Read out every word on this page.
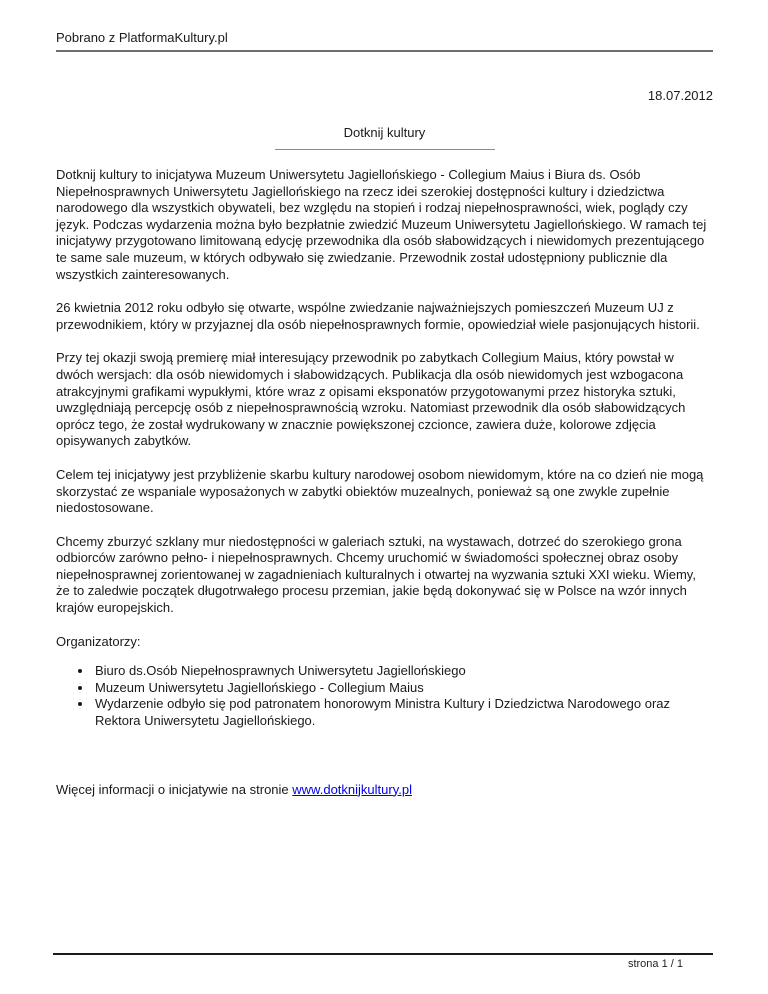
Pobrano z PlatformaKultury.pl
18.07.2012
Dotknij kultury

Dotknij kultury to inicjatywa Muzeum Uniwersytetu Jagiellońskiego - Collegium Maius i Biura ds. Osób Niepełnosprawnych Uniwersytetu Jagiellońskiego na rzecz idei szerokiej dostępności kultury i dziedzictwa narodowego dla wszystkich obywateli, bez względu na stopień i rodzaj niepełnosprawności, wiek, poglądy czy język. Podczas wydarzenia można było bezpłatnie zwiedzić Muzeum Uniwersytetu Jagiellońskiego. W ramach tej inicjatywy przygotowano limitowaną edycję przewodnika dla osób słabowidzących i niewidomych prezentującego te same sale muzeum, w których odbywało się zwiedzanie. Przewodnik został udostępniony publicznie dla wszystkich zainteresowanych.

26 kwietnia 2012 roku odbyło się otwarte, wspólne zwiedzanie najważniejszych pomieszczeń Muzeum UJ z przewodnikiem, który w przyjaznej dla osób niepełnosprawnych formie, opowiedział wiele pasjonujących historii.

Przy tej okazji swoją premierę miał interesujący przewodnik po zabytkach Collegium Maius, który powstał w dwóch wersjach: dla osób niewidomych i słabowidzących. Publikacja dla osób niewidomych jest wzbogacona atrakcyjnymi grafikami wypukłymi, które wraz z opisami eksponatów przygotowanymi przez historyka sztuki, uwzględniają percepcję osób z niepełnosprawnością wzroku. Natomiast przewodnik dla osób słabowidzących oprócz tego, że został wydrukowany w znacznie powiększonej czcionce, zawiera duże, kolorowe zdjęcia opisywanych zabytków.

Celem tej inicjatywy jest przybliżenie skarbu kultury narodowej osobom niewidomym, które na co dzień nie mogą skorzystać ze wspaniale wyposażonych w zabytki obiektów muzealnych, ponieważ są one zwykle zupełnie niedostosowane.

Chcemy zburzyć szklany mur niedostępności w galeriach sztuki, na wystawach, dotrzeć do szerokiego grona odbiorców zarówno pełno- i niepełnosprawnych. Chcemy uruchomić w świadomości społecznej obraz osoby niepełnosprawnej zorientowanej w zagadnieniach kulturalnych i otwartej na wyzwania sztuki XXI wieku. Wiemy, że to zaledwie początek długotrwałego procesu przemian, jakie będą dokonywać się w Polsce na wzór innych krajów europejskich.

Organizatorzy:

• Biuro ds.Osób Niepełnosprawnych Uniwersytetu Jagiellońskiego
• Muzeum Uniwersytetu Jagiellońskiego - Collegium Maius
• Wydarzenie odbyło się pod patronatem honorowym Ministra Kultury i Dziedzictwa Narodowego oraz Rektora Uniwersytetu Jagiellońskiego.

Więcej informacji o inicjatywie na stronie www.dotknijkultury.pl

strona 1 / 1
